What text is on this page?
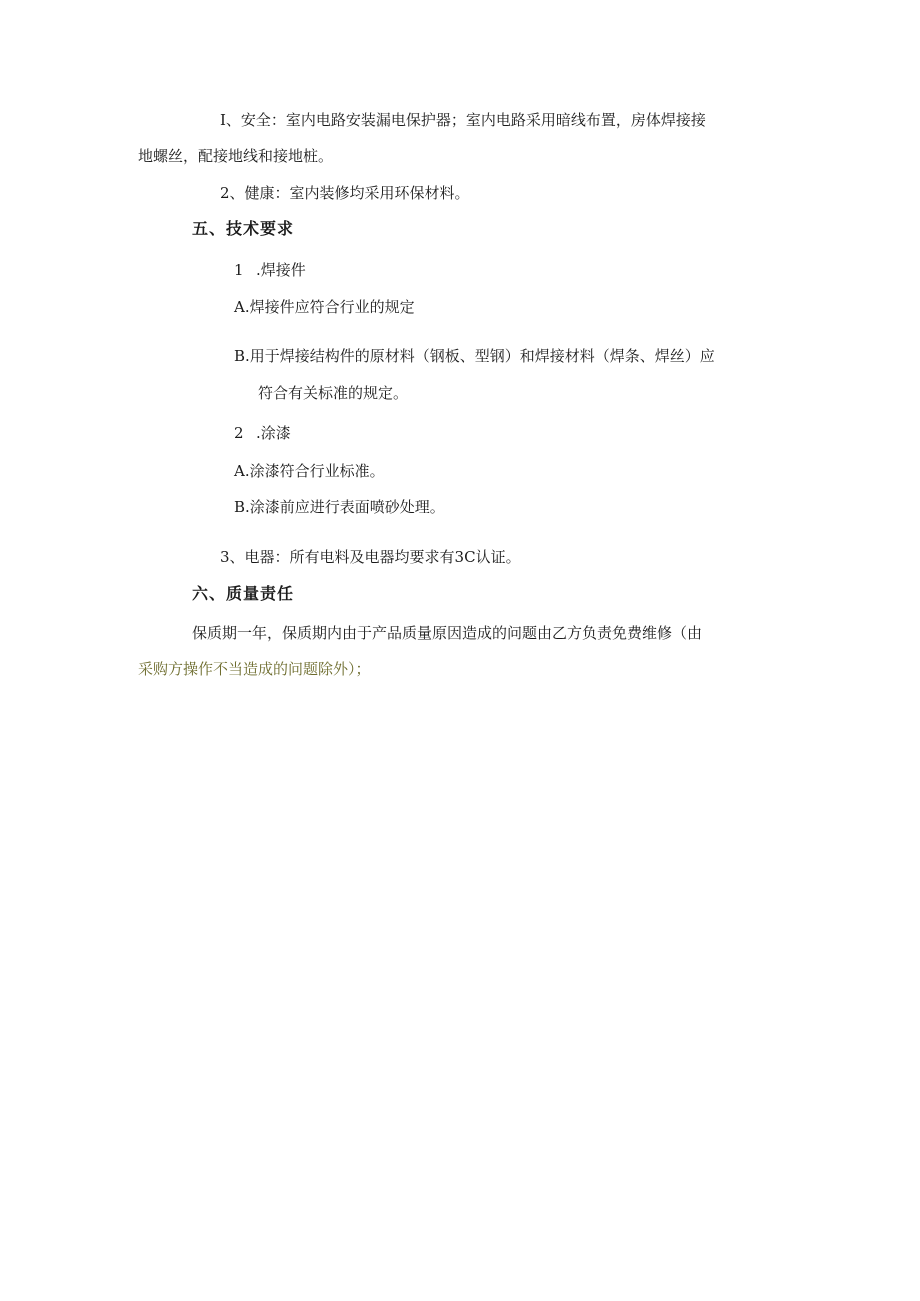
I、安全：室内电路安装漏电保护器；室内电路采用暗线布置，房体焊接接
地螺丝，配接地线和接地桩。
2、健康：室内装修均采用环保材料。
五、技术要求
1 .焊接件
A.焊接件应符合行业的规定
B.用于焊接结构件的原材料（钢板、型钢）和焊接材料（焊条、焊丝）应
符合有关标准的规定。
2 .涂漆
A.涂漆符合行业标准。
B.涂漆前应进行表面喷砂处理。
3、电器：所有电料及电器均要求有3C认证。
六、质量责任
保质期一年，保质期内由于产品质量原因造成的问题由乙方负责免费维修（由
采购方操作不当造成的问题除外）；
